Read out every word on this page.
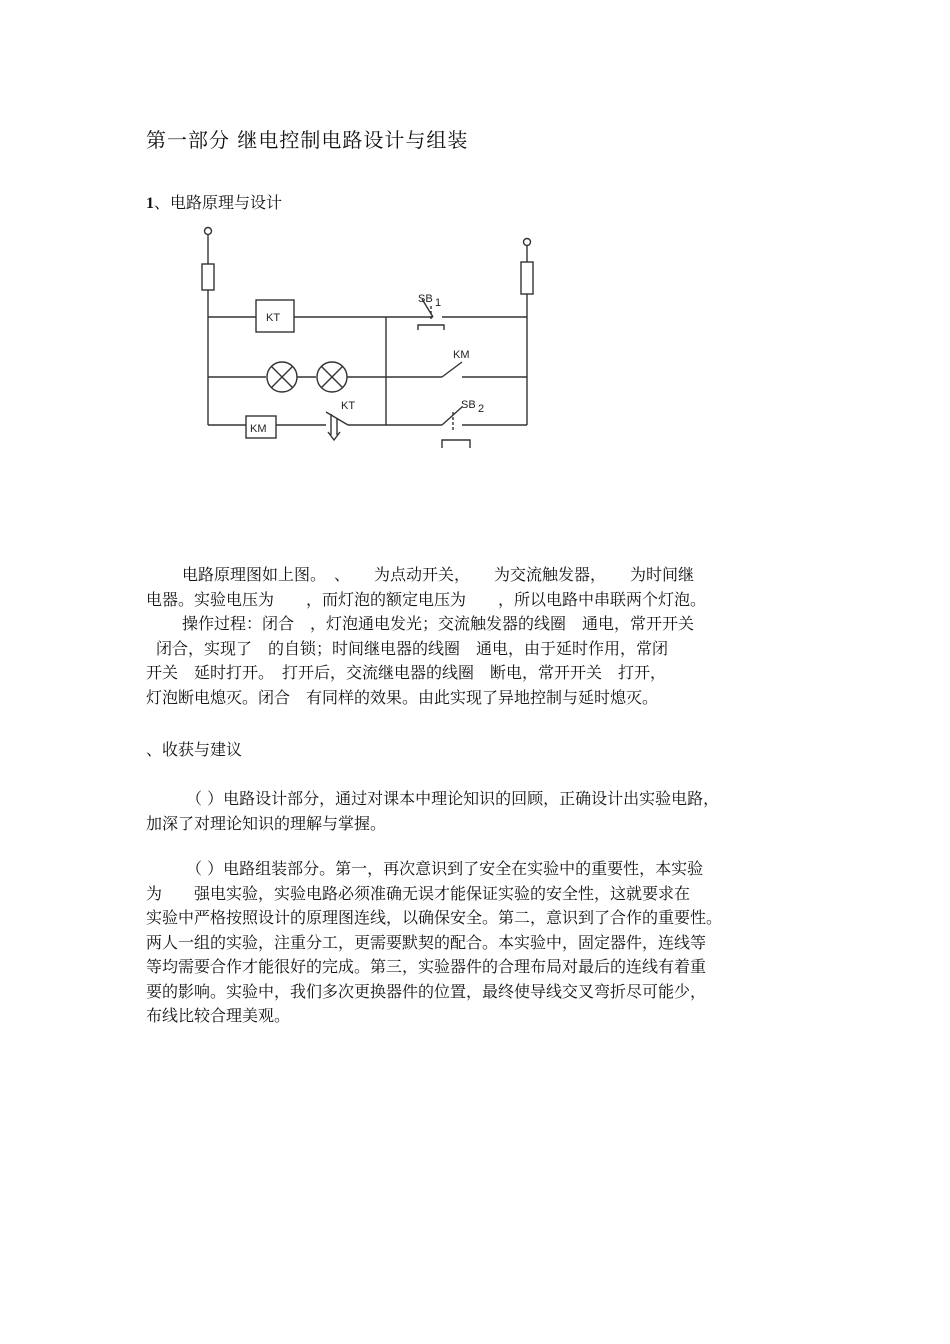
第一部分 继电控制电路设计与组装
1、电路原理与设计
KT
KM
SB 1
KM
KT	SB 2
电路原理图如上图。　、　　为点动开关，　　为交流触发器，　　为时间继
电器。实验电压为　　，而灯泡的额定电压为　　，所以电路中串联两个灯泡。
操作过程：闭合　，灯泡通电发光；交流触发器的线圈　通电，常开开关
闭合，实现了　的自锁；时间继电器的线圈　通电，由于延时作用，常闭
开关　延时打开。　打开后，交流继电器的线圈　断电，常开开关　打开，
灯泡断电熄灭。闭合　有同样的效果。由此实现了异地控制与延时熄灭。
、收获与建议
（ ）电路设计部分，通过对课本中理论知识的回顾，正确设计出实验电路，
加深了对理论知识的理解与掌握。
（ ）电路组装部分。第一，再次意识到了安全在实验中的重要性，本实验
为　　强电实验，实验电路必须准确无误才能保证实验的安全性，这就要求在
实验中严格按照设计的原理图连线，以确保安全。第二，意识到了合作的重要性。
两人一组的实验，注重分工，更需要默契的配合。本实验中，固定器件，连线等
等均需要合作才能很好的完成。第三，实验器件的合理布局对最后的连线有着重
要的影响。实验中，我们多次更换器件的位置，最终使导线交叉弯折尽可能少，
布线比较合理美观。
